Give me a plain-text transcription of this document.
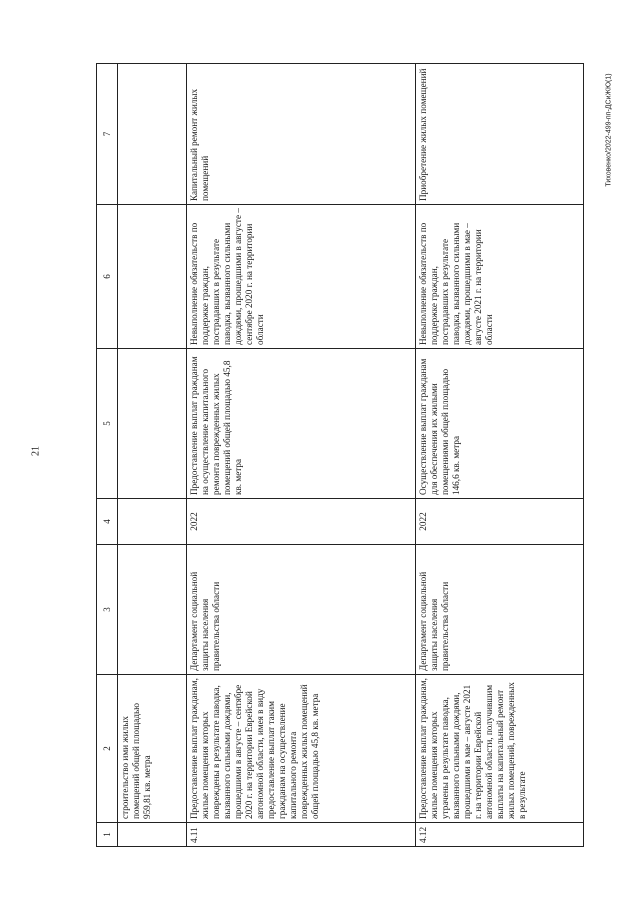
21
Тиховенко/2022-499-пп-ДСиЖЮ(1)
1	2	3	4	5	6	7
	строительство ими жилых помещений общей площадью 959,81 кв. метра					
4.11	Предоставление выплат гражданам, жилые помещения которых повреждены в результате паводка, вызванного сильными дождями, прошедшими в августе – сентябре 2020 г. на территории Еврейской автономной области, имея в виду предоставление выплат таким гражданам на осуществление капитального ремонта поврежденных жилых помещений общей площадью 45,8 кв. метра	Департамент социальной защиты населения правительства области	2022	Предоставление выплат гражданам на осуществление капитального ремонта поврежденных жилых помещений общей площадью 45,8 кв. метра	Невыполнение обязательств по поддержке граждан, пострадавших в результате паводка, вызванного сильными дождями, прошедшими в августе – сентябре 2020 г. на территории области	Капитальный ремонт жилых помещений
4.12	Предоставление выплат гражданам, жилые помещения которых утрачены в результате паводка, вызванного сильными дождями, прошедшими в мае – августе 2021 г. на территории Еврейской автономной области, получившим выплаты на капитальный ремонт жилых помещений, поврежденных в результате	Департамент социальной защиты населения правительства области	2022	Осуществление выплат гражданам для обеспечения их жилыми помещениями общей площадью 146,6 кв. метра	Невыполнение обязательств по поддержке граждан, пострадавших в результате паводка, вызванного сильными дождями, прошедшими в мае – августе 2021 г. на территории области	Приобретение жилых помещений
